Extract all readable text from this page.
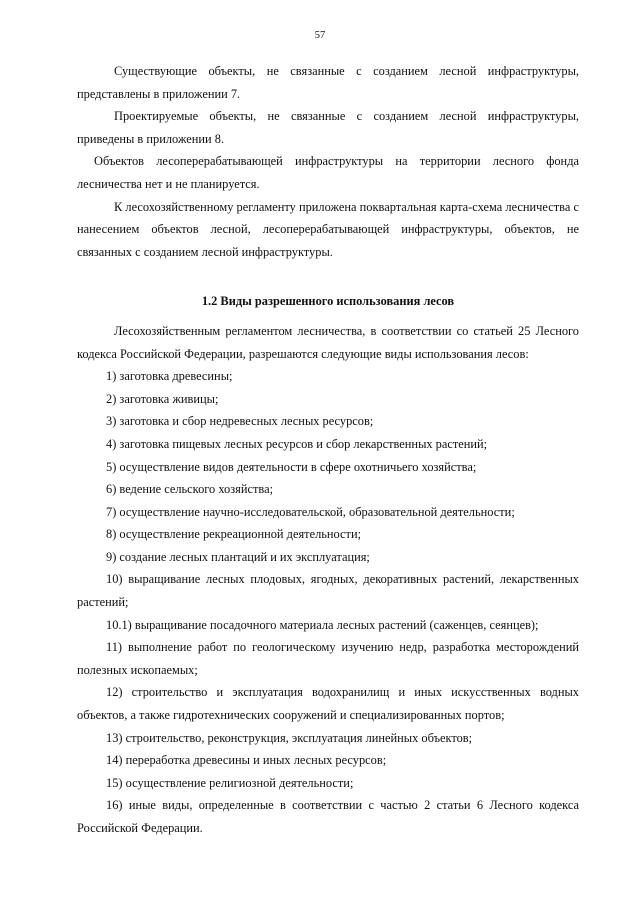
57

Существующие объекты, не связанные с созданием лесной инфраструктуры, представлены в приложении 7.

Проектируемые объекты, не связанные с созданием лесной инфраструктуры, приведены в приложении 8.

Объектов лесоперерабатывающей инфраструктуры на территории лесного фонда лесничества нет и не планируется.

К лесохозяйственному регламенту приложена поквартальная карта-схема лесничества с нанесением объектов лесной, лесоперерабатывающей инфраструктуры, объектов, не связанных с созданием лесной инфраструктуры.

1.2 Виды разрешенного использования лесов

Лесохозяйственным регламентом лесничества, в соответствии со статьей 25 Лесного кодекса Российской Федерации, разрешаются следующие виды использования лесов:

1) заготовка древесины;

2) заготовка живицы;

3) заготовка и сбор недревесных лесных ресурсов;

4) заготовка пищевых лесных ресурсов и сбор лекарственных растений;

5) осуществление видов деятельности в сфере охотничьего хозяйства;

6) ведение сельского хозяйства;

7) осуществление научно-исследовательской, образовательной деятельности;

8) осуществление рекреационной деятельности;

9) создание лесных плантаций и их эксплуатация;

10) выращивание лесных плодовых, ягодных, декоративных растений, лекарственных растений;

10.1) выращивание посадочного материала лесных растений (саженцев, сеянцев);

11) выполнение работ по геологическому изучению недр, разработка месторождений полезных ископаемых;

12) строительство и эксплуатация водохранилищ и иных искусственных водных объектов, а также гидротехнических сооружений и специализированных портов;

13) строительство, реконструкция, эксплуатация линейных объектов;

14) переработка древесины и иных лесных ресурсов;

15) осуществление религиозной деятельности;

16) иные виды, определенные в соответствии с частью 2 статьи 6 Лесного кодекса Российской Федерации.
